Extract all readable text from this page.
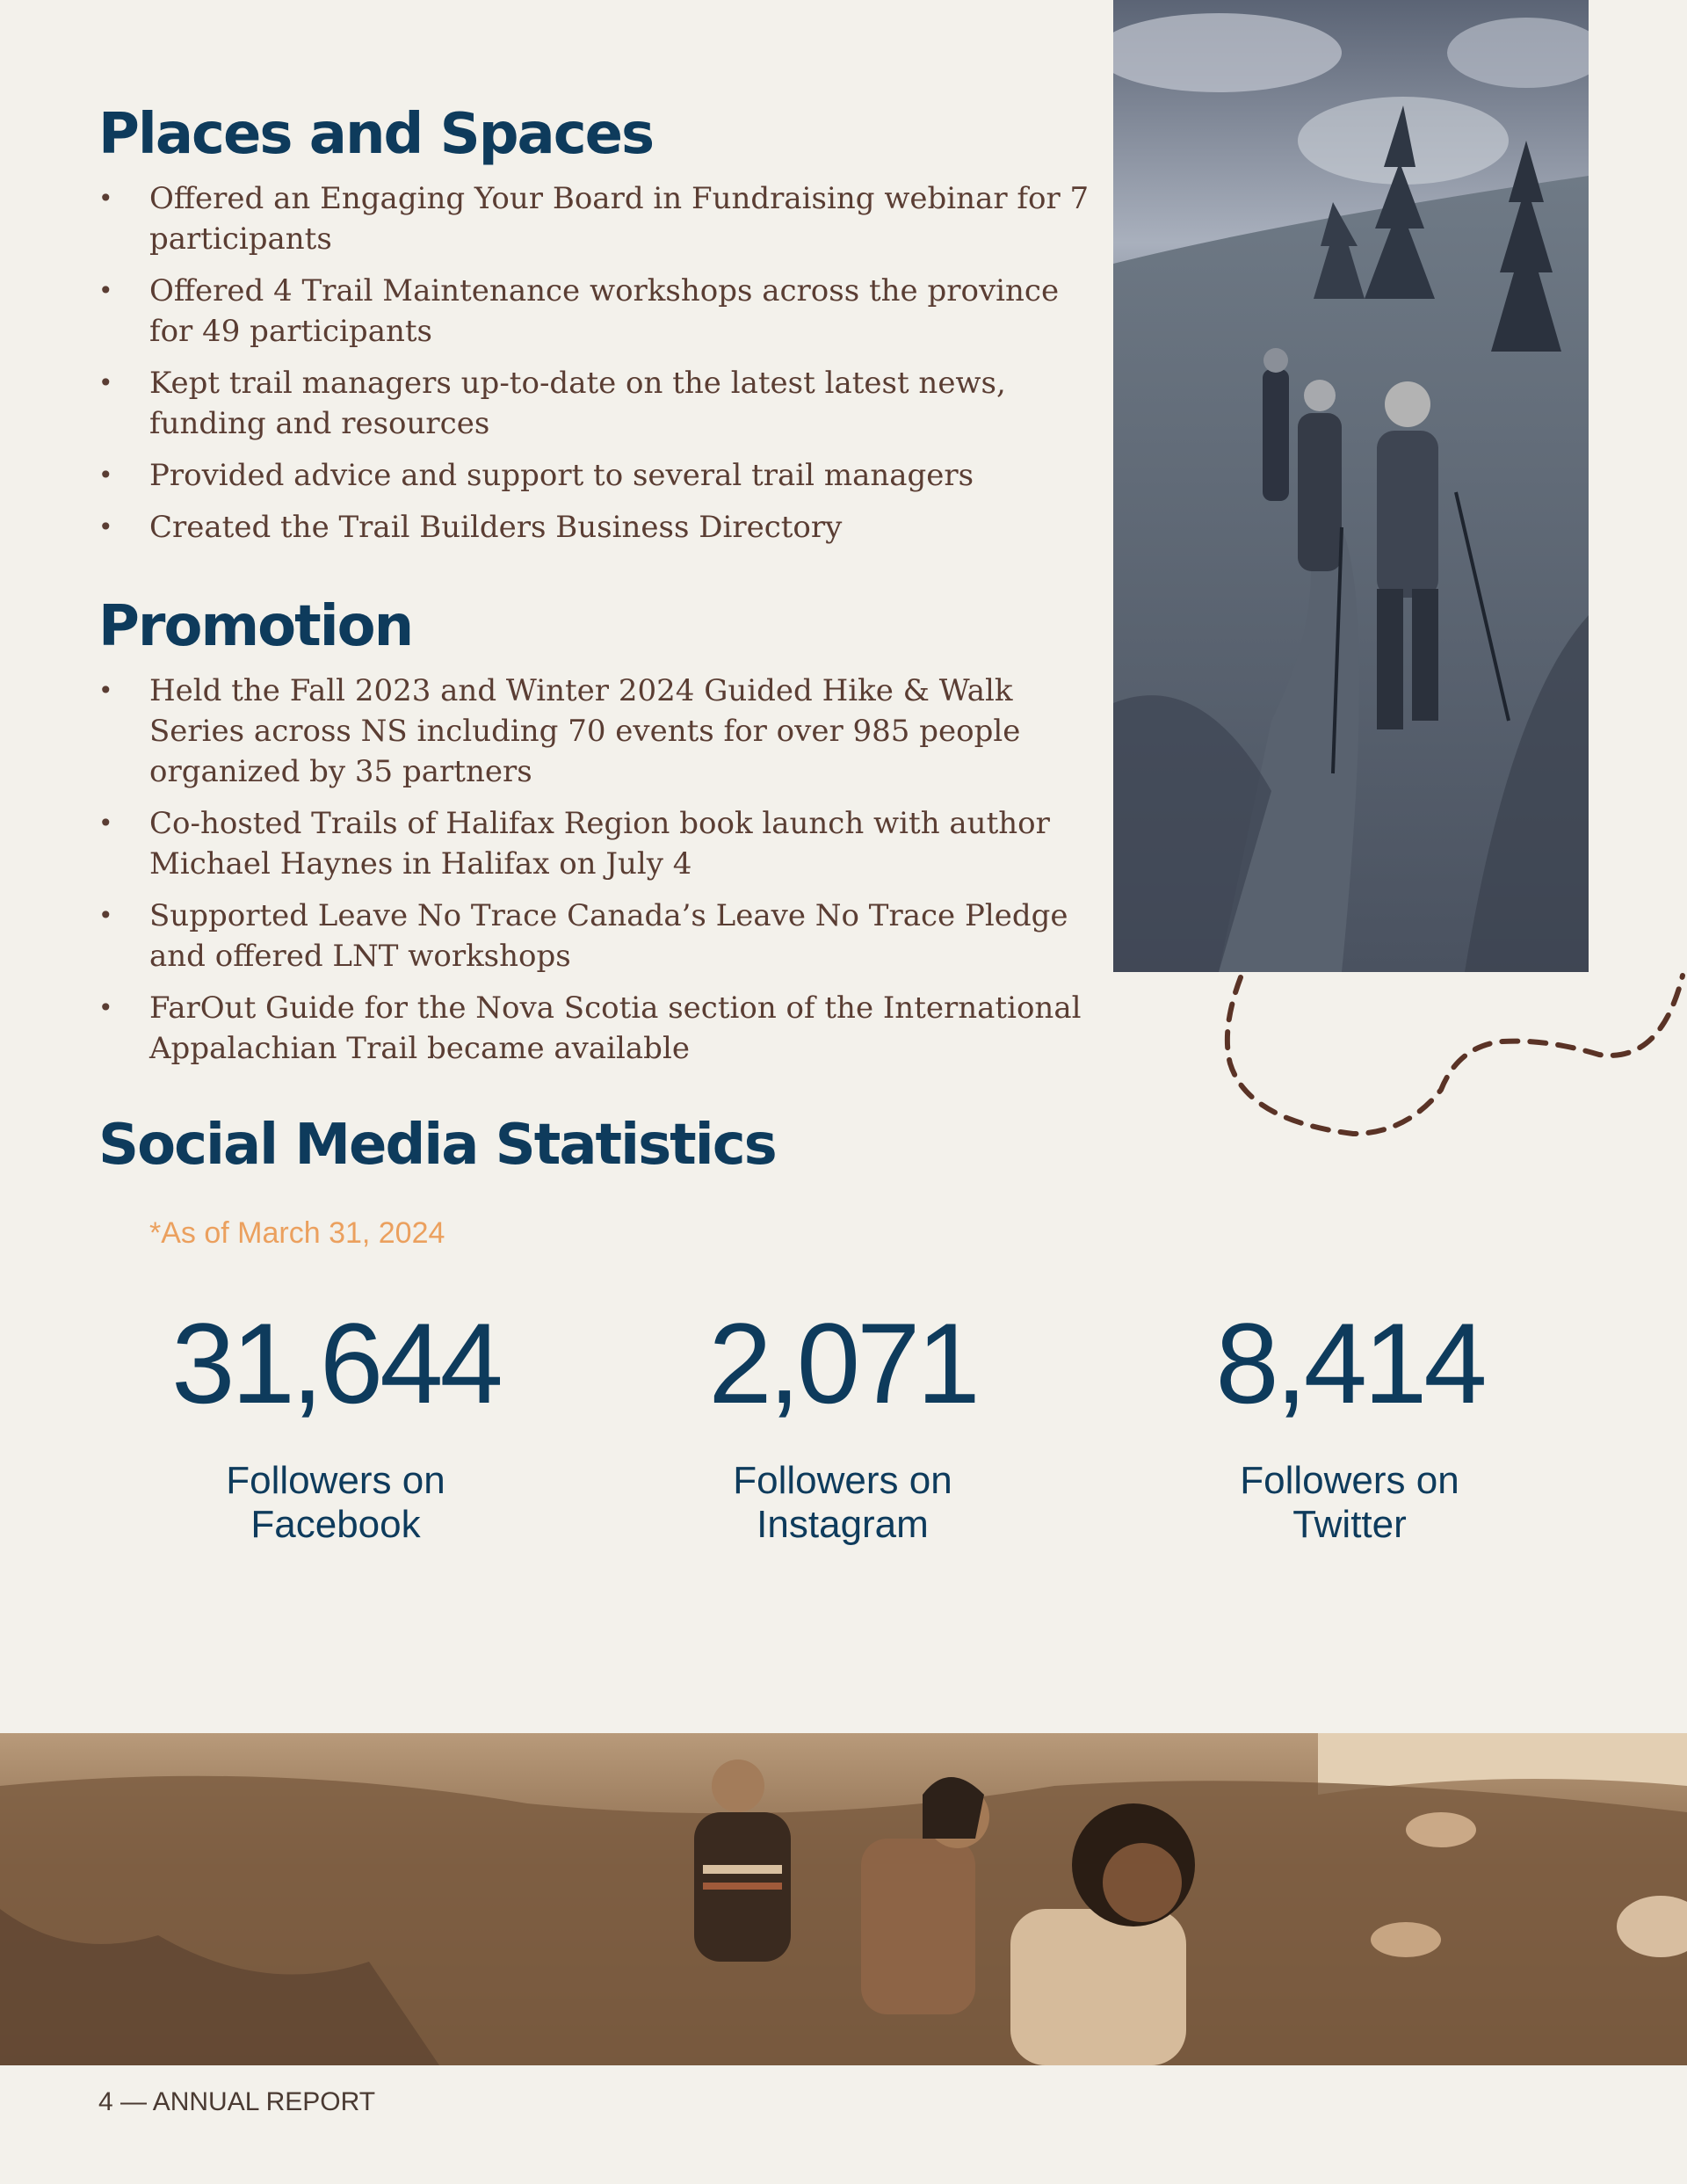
Places and Spaces
• Offered an Engaging Your Board in Fundraising webinar for 7 participants
• Offered 4 Trail Maintenance workshops across the province for 49 participants
• Kept trail managers up-to-date on the latest latest news, funding and resources
• Provided advice and support to several trail managers
• Created the Trail Builders Business Directory
Promotion
• Held the Fall 2023 and Winter 2024 Guided Hike & Walk Series across NS including 70 events for over 985 people organized by 35 partners
• Co-hosted Trails of Halifax Region book launch with author Michael Haynes in Halifax on July 4
• Supported Leave No Trace Canada’s Leave No Trace Pledge and offered LNT workshops
• FarOut Guide for the Nova Scotia section of the International Appalachian Trail became available
Social Media Statistics
*As of March 31, 2024
31,644
Followers on Facebook
2,071
Followers on Instagram
8,414
Followers on Twitter
4 — ANNUAL REPORT
